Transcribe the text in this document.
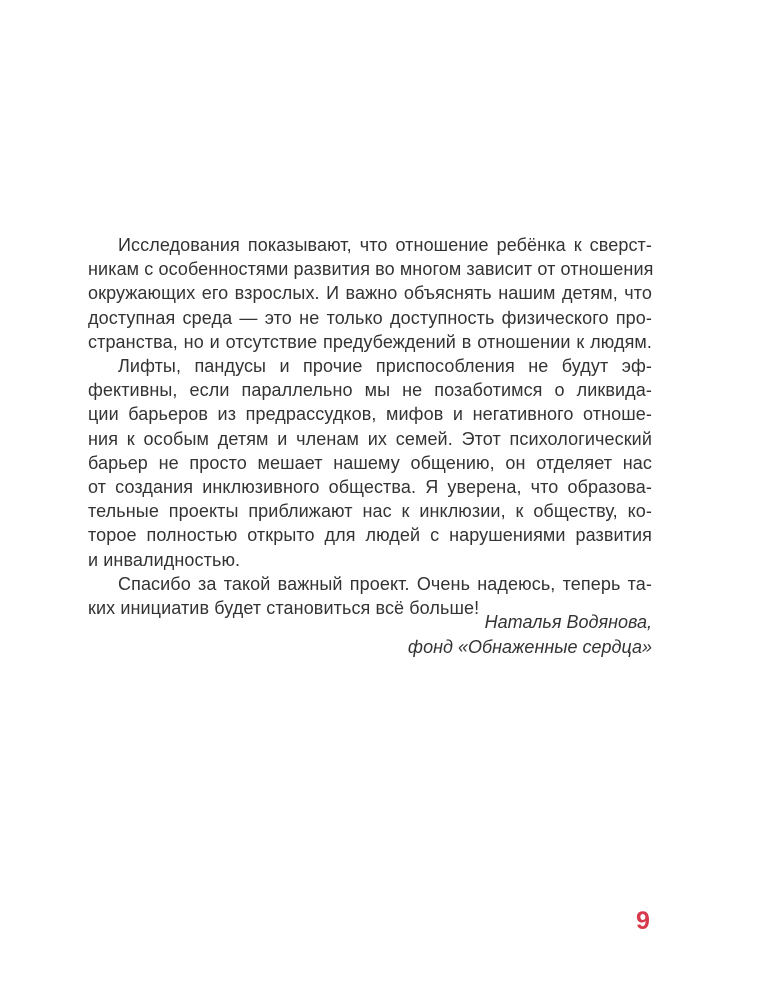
Исследования показывают, что отношение ребёнка к сверст-
никам с особенностями развития во многом зависит от отношения
окружающих его взрослых. И важно объяснять нашим детям, что
доступная среда — это не только доступность физического про-
странства, но и отсутствие предубеждений в отношении к людям.
Лифты, пандусы и прочие приспособления не будут эф-
фективны, если параллельно мы не позаботимся о ликвида-
ции барьеров из предрассудков, мифов и негативного отноше-
ния к особым детям и членам их семей. Этот психологический
барьер не просто мешает нашему общению, он отделяет нас
от создания инклюзивного общества. Я уверена, что образова-
тельные проекты приближают нас к инклюзии, к обществу, ко-
торое полностью открыто для людей с нарушениями развития
и инвалидностью.
Спасибо за такой важный проект. Очень надеюсь, теперь та-
ких инициатив будет становиться всё больше!
Наталья Водянова,
фонд «Обнаженные сердца»
9
